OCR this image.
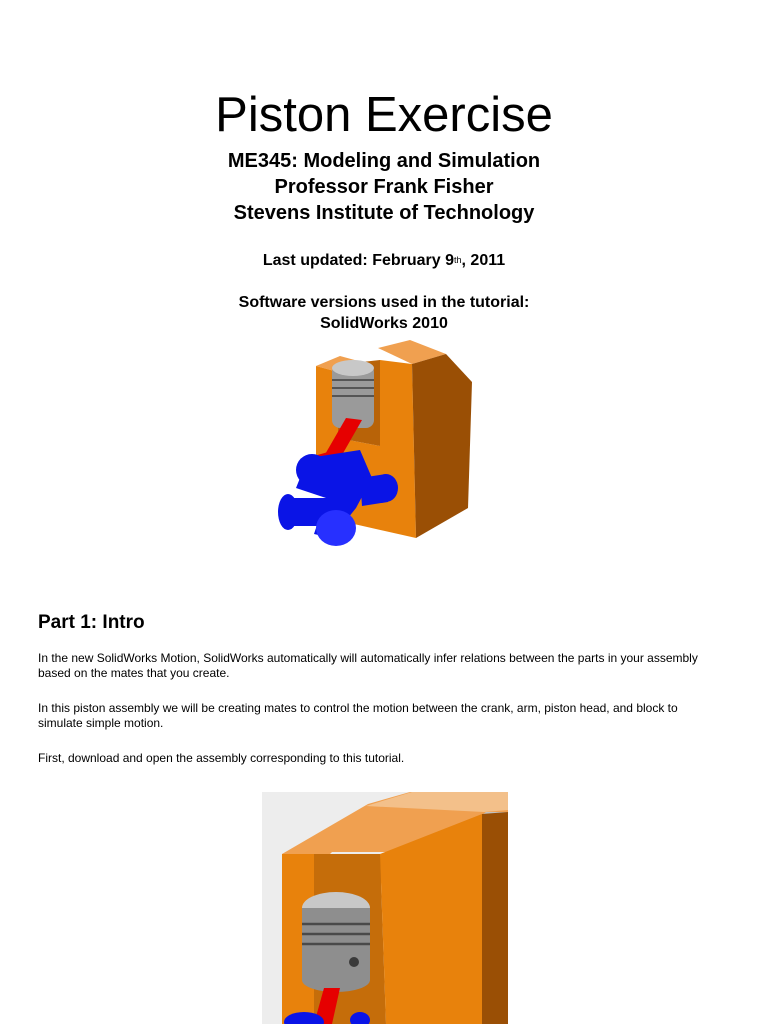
Piston Exercise
ME345: Modeling and Simulation
Professor Frank Fisher
Stevens Institute of Technology
Last updated: February 9th, 2011
Software versions used in the tutorial:
SolidWorks 2010
Part 1: Intro

In the new SolidWorks Motion, SolidWorks automatically will automatically infer relations between the parts in your assembly based on the mates that you create.

In this piston assembly we will be creating mates to control the motion between the crank, arm, piston head, and block to simulate simple motion.

First, download and open the assembly corresponding to this tutorial.
